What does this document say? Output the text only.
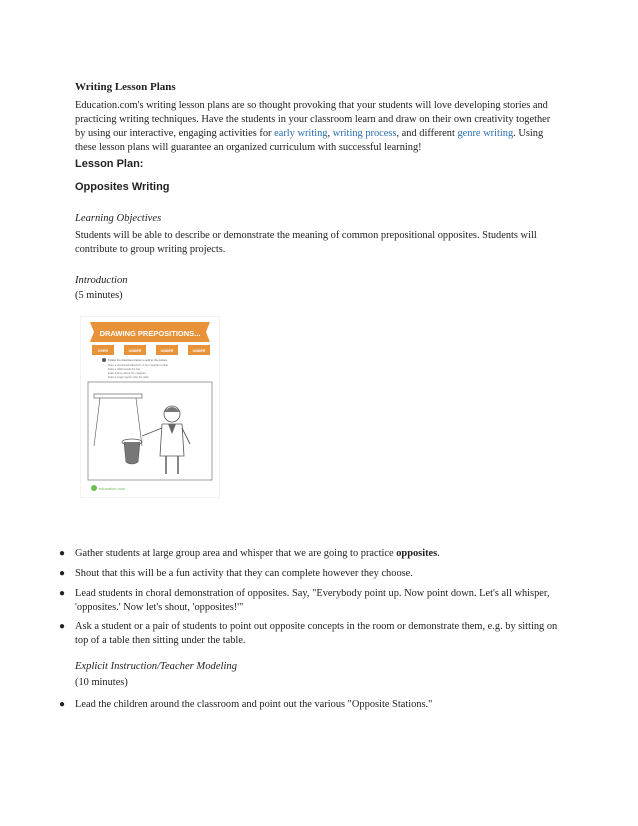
Writing Lesson Plans

Education.com's writing lesson plans are so thought provoking that your students will love developing stories and practicing writing techniques. Have the students in your classroom learn and draw on their own creativity together by using our interactive, engaging activities for early writing, writing process, and different genre writing. Using these lesson plans will guarantee an organized curriculum with successful learning!

Lesson Plan:

Opposites Writing

Learning Objectives

Students will be able to describe or demonstrate the meaning of common prepositional opposites. Students will contribute to group writing projects.

Introduction

(5 minutes)

DRAWING PREPOSITIONS...
OVER	UNDER	UNDER	UNDER
Follow the directions below to add to the picture.
Draw a checkered tablecloth on the magician's table.
Draw a rabbit inside the hat.
Draw a dove above the magician.
Draw a magic wand under the table.
education.com
● Gather students at large group area and whisper that we are going to practice opposites.
● Shout that this will be a fun activity that they can complete however they choose.
● Lead students in choral demonstration of opposites. Say, "Everybody point up. Now point down. Let's all whisper, 'opposites.' Now let's shout, 'opposites!'"
● Ask a student or a pair of students to point out opposite concepts in the room or demonstrate them, e.g. by sitting on top of a table then sitting under the table.

Explicit Instruction/Teacher Modeling

(10 minutes)

● Lead the children around the classroom and point out the various "Opposite Stations."
